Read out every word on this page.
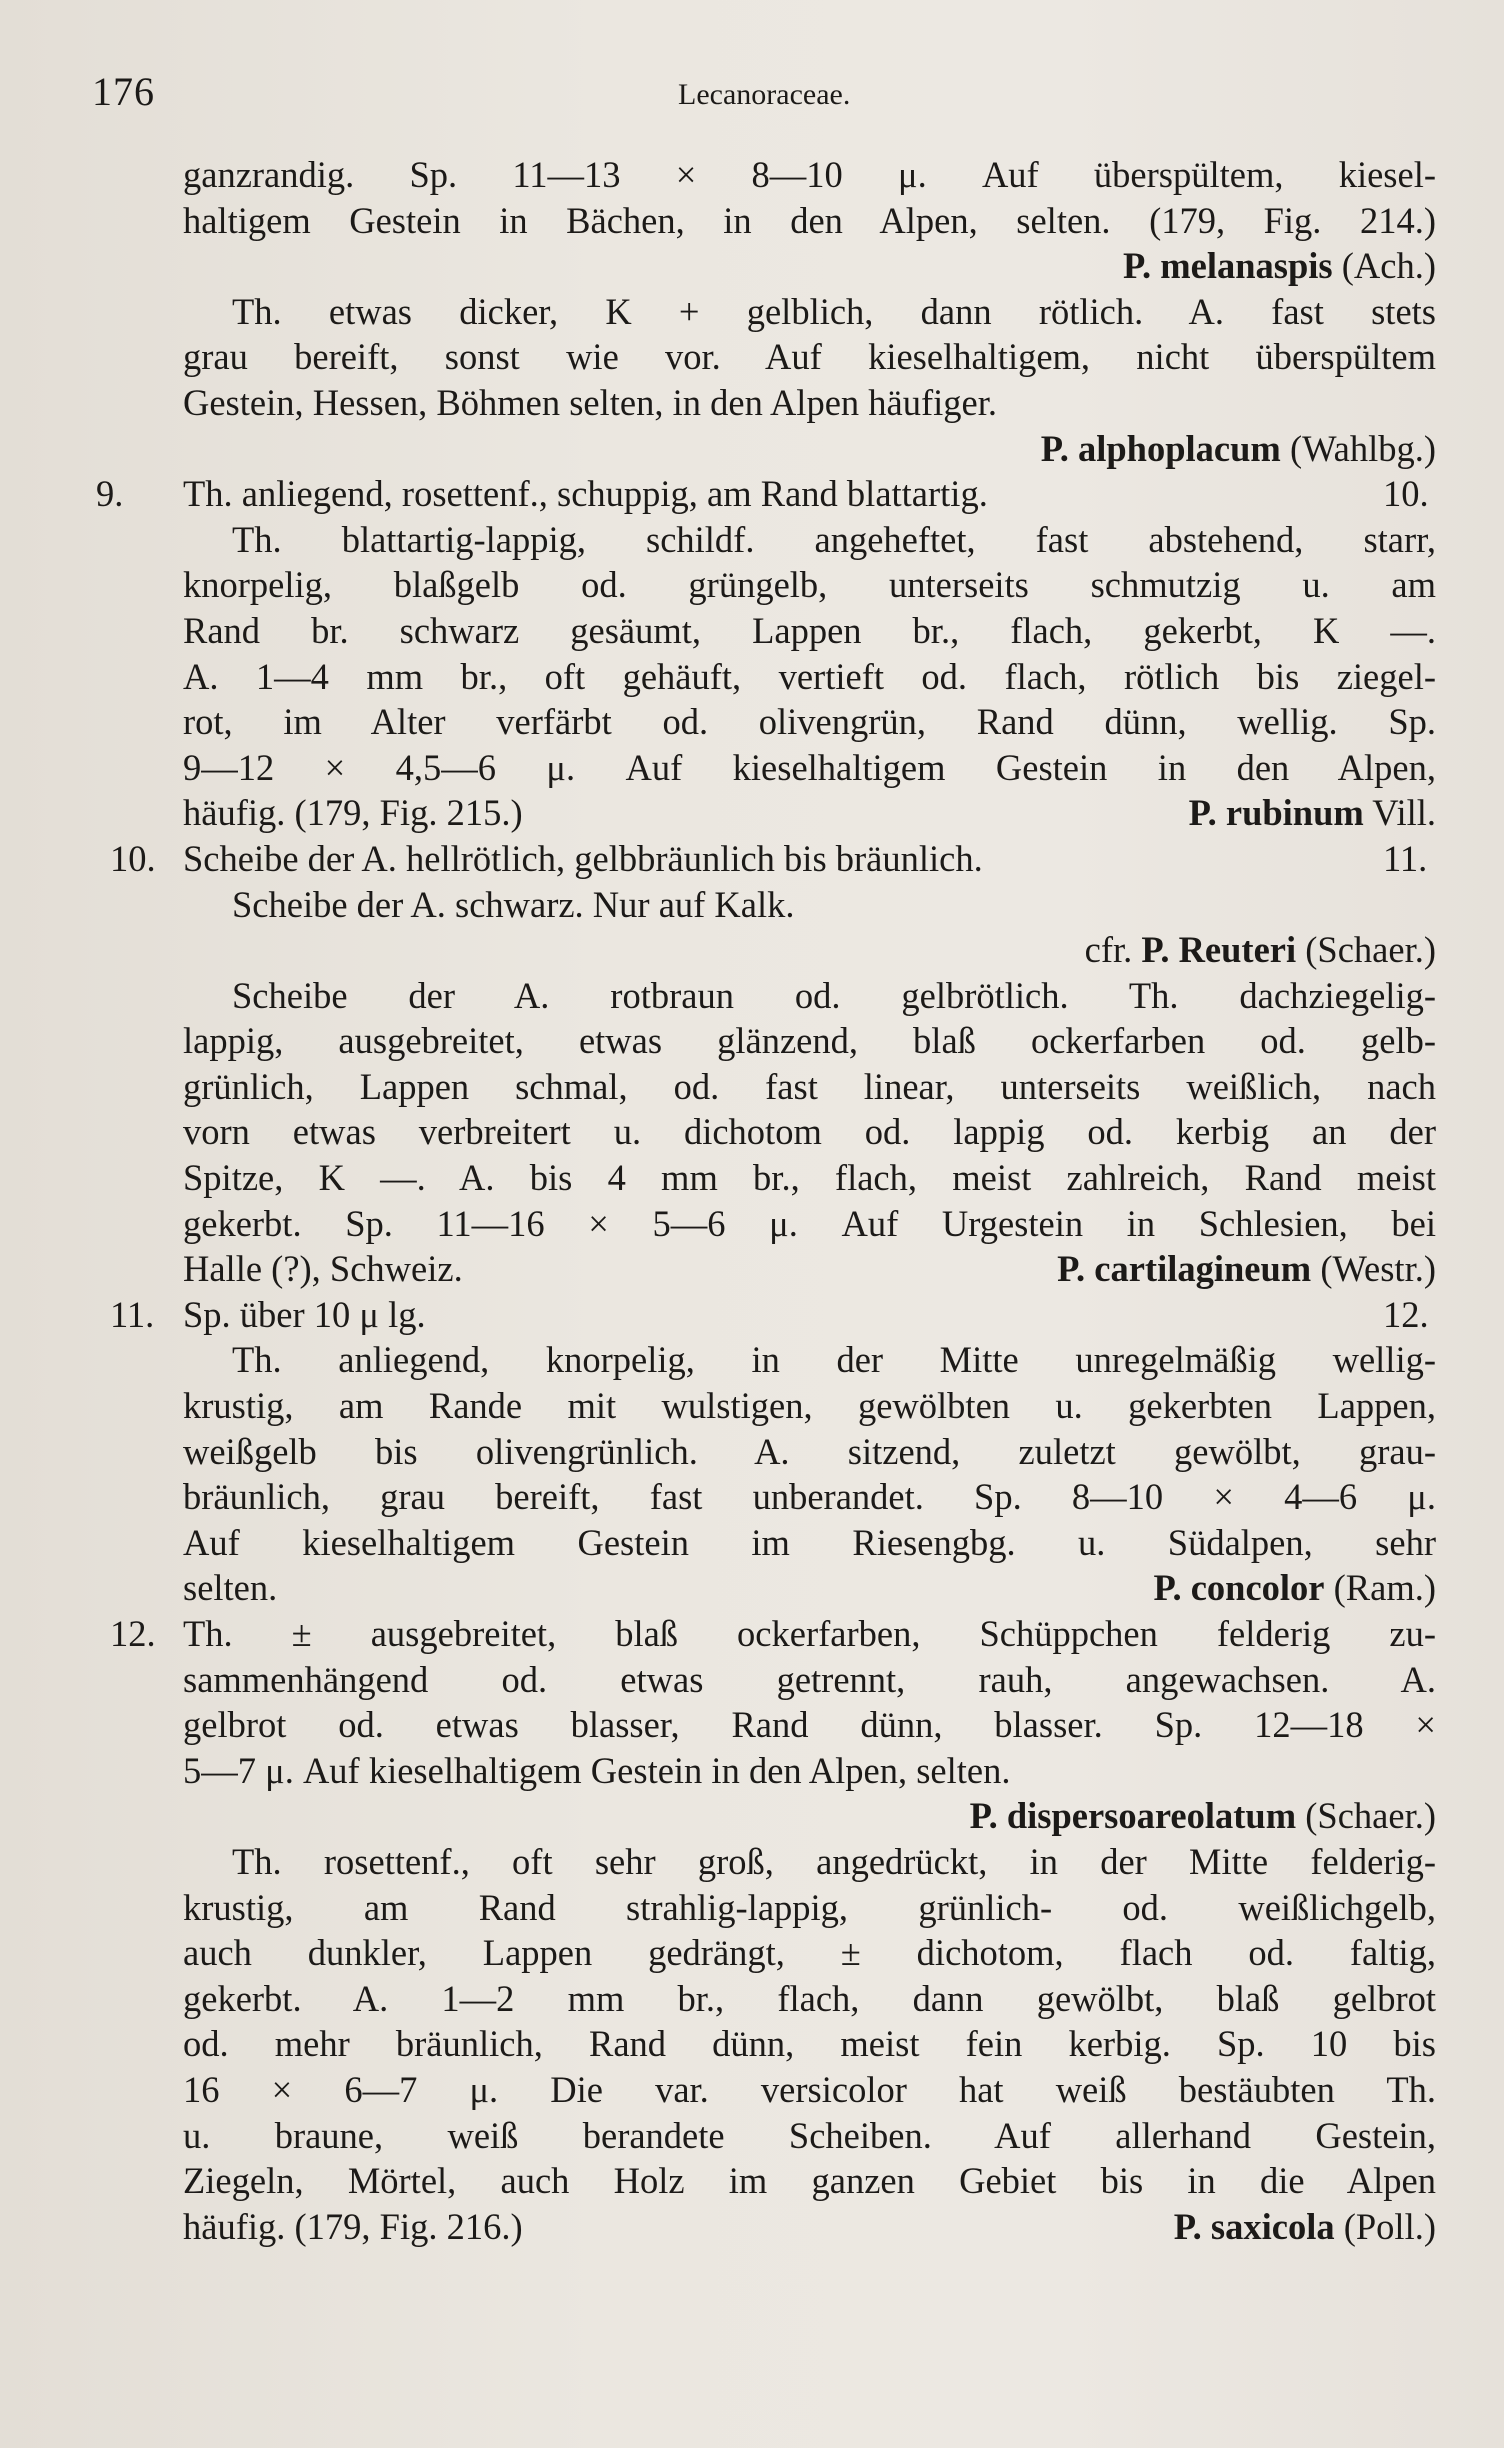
176	Lecanoraceae.
ganzrandig. Sp. 11—13 × 8—10 μ. Auf überspültem, kiesel-
haltigem Gestein in Bächen, in den Alpen, selten. (179, Fig. 214.)
P. melanaspis (Ach.)
Th. etwas dicker, K + gelblich, dann rötlich. A. fast stets
grau bereift, sonst wie vor. Auf kieselhaltigem, nicht überspültem
Gestein, Hessen, Böhmen selten, in den Alpen häufiger.
P. alphoplacum (Wahlbg.)
9. Th. anliegend, rosettenf., schuppig, am Rand blattartig.	10.
Th. blattartig-lappig, schildf. angeheftet, fast abstehend, starr,
knorpelig, blaßgelb od. grüngelb, unterseits schmutzig u. am
Rand br. schwarz gesäumt, Lappen br., flach, gekerbt, K —.
A. 1—4 mm br., oft gehäuft, vertieft od. flach, rötlich bis ziegel-
rot, im Alter verfärbt od. olivengrün, Rand dünn, wellig. Sp.
9—12 × 4,5—6 μ. Auf kieselhaltigem Gestein in den Alpen,
häufig. (179, Fig. 215.)	P. rubinum Vill.
10. Scheibe der A. hellrötlich, gelbbräunlich bis bräunlich.	11.
Scheibe der A. schwarz. Nur auf Kalk.
cfr. P. Reuteri (Schaer.)
Scheibe der A. rotbraun od. gelbrötlich. Th. dachziegelig-
lappig, ausgebreitet, etwas glänzend, blaß ockerfarben od. gelb-
grünlich, Lappen schmal, od. fast linear, unterseits weißlich, nach
vorn etwas verbreitert u. dichotom od. lappig od. kerbig an der
Spitze, K —. A. bis 4 mm br., flach, meist zahlreich, Rand meist
gekerbt. Sp. 11—16 × 5—6 μ. Auf Urgestein in Schlesien, bei
Halle (?), Schweiz.	P. cartilagineum (Westr.)
11. Sp. über 10 μ lg.	12.
Th. anliegend, knorpelig, in der Mitte unregelmäßig wellig-
krustig, am Rande mit wulstigen, gewölbten u. gekerbten Lappen,
weißgelb bis olivengrünlich. A. sitzend, zuletzt gewölbt, grau-
bräunlich, grau bereift, fast unberandet. Sp. 8—10 × 4—6 μ.
Auf kieselhaltigem Gestein im Riesengbg. u. Südalpen, sehr
selten.	P. concolor (Ram.)
12. Th. ± ausgebreitet, blaß ockerfarben, Schüppchen felderig zu-
sammenhängend od. etwas getrennt, rauh, angewachsen. A.
gelbrot od. etwas blasser, Rand dünn, blasser. Sp. 12—18 ×
5—7 μ. Auf kieselhaltigem Gestein in den Alpen, selten.
P. dispersoareolatum (Schaer.)
Th. rosettenf., oft sehr groß, angedrückt, in der Mitte felderig-
krustig, am Rand strahlig-lappig, grünlich- od. weißlichgelb,
auch dunkler, Lappen gedrängt, ± dichotom, flach od. faltig,
gekerbt. A. 1—2 mm br., flach, dann gewölbt, blaß gelbrot
od. mehr bräunlich, Rand dünn, meist fein kerbig. Sp. 10 bis
16 × 6—7 μ. Die var. versicolor hat weiß bestäubten Th.
u. braune, weiß berandete Scheiben. Auf allerhand Gestein,
Ziegeln, Mörtel, auch Holz im ganzen Gebiet bis in die Alpen
häufig. (179, Fig. 216.)	P. saxicola (Poll.)
